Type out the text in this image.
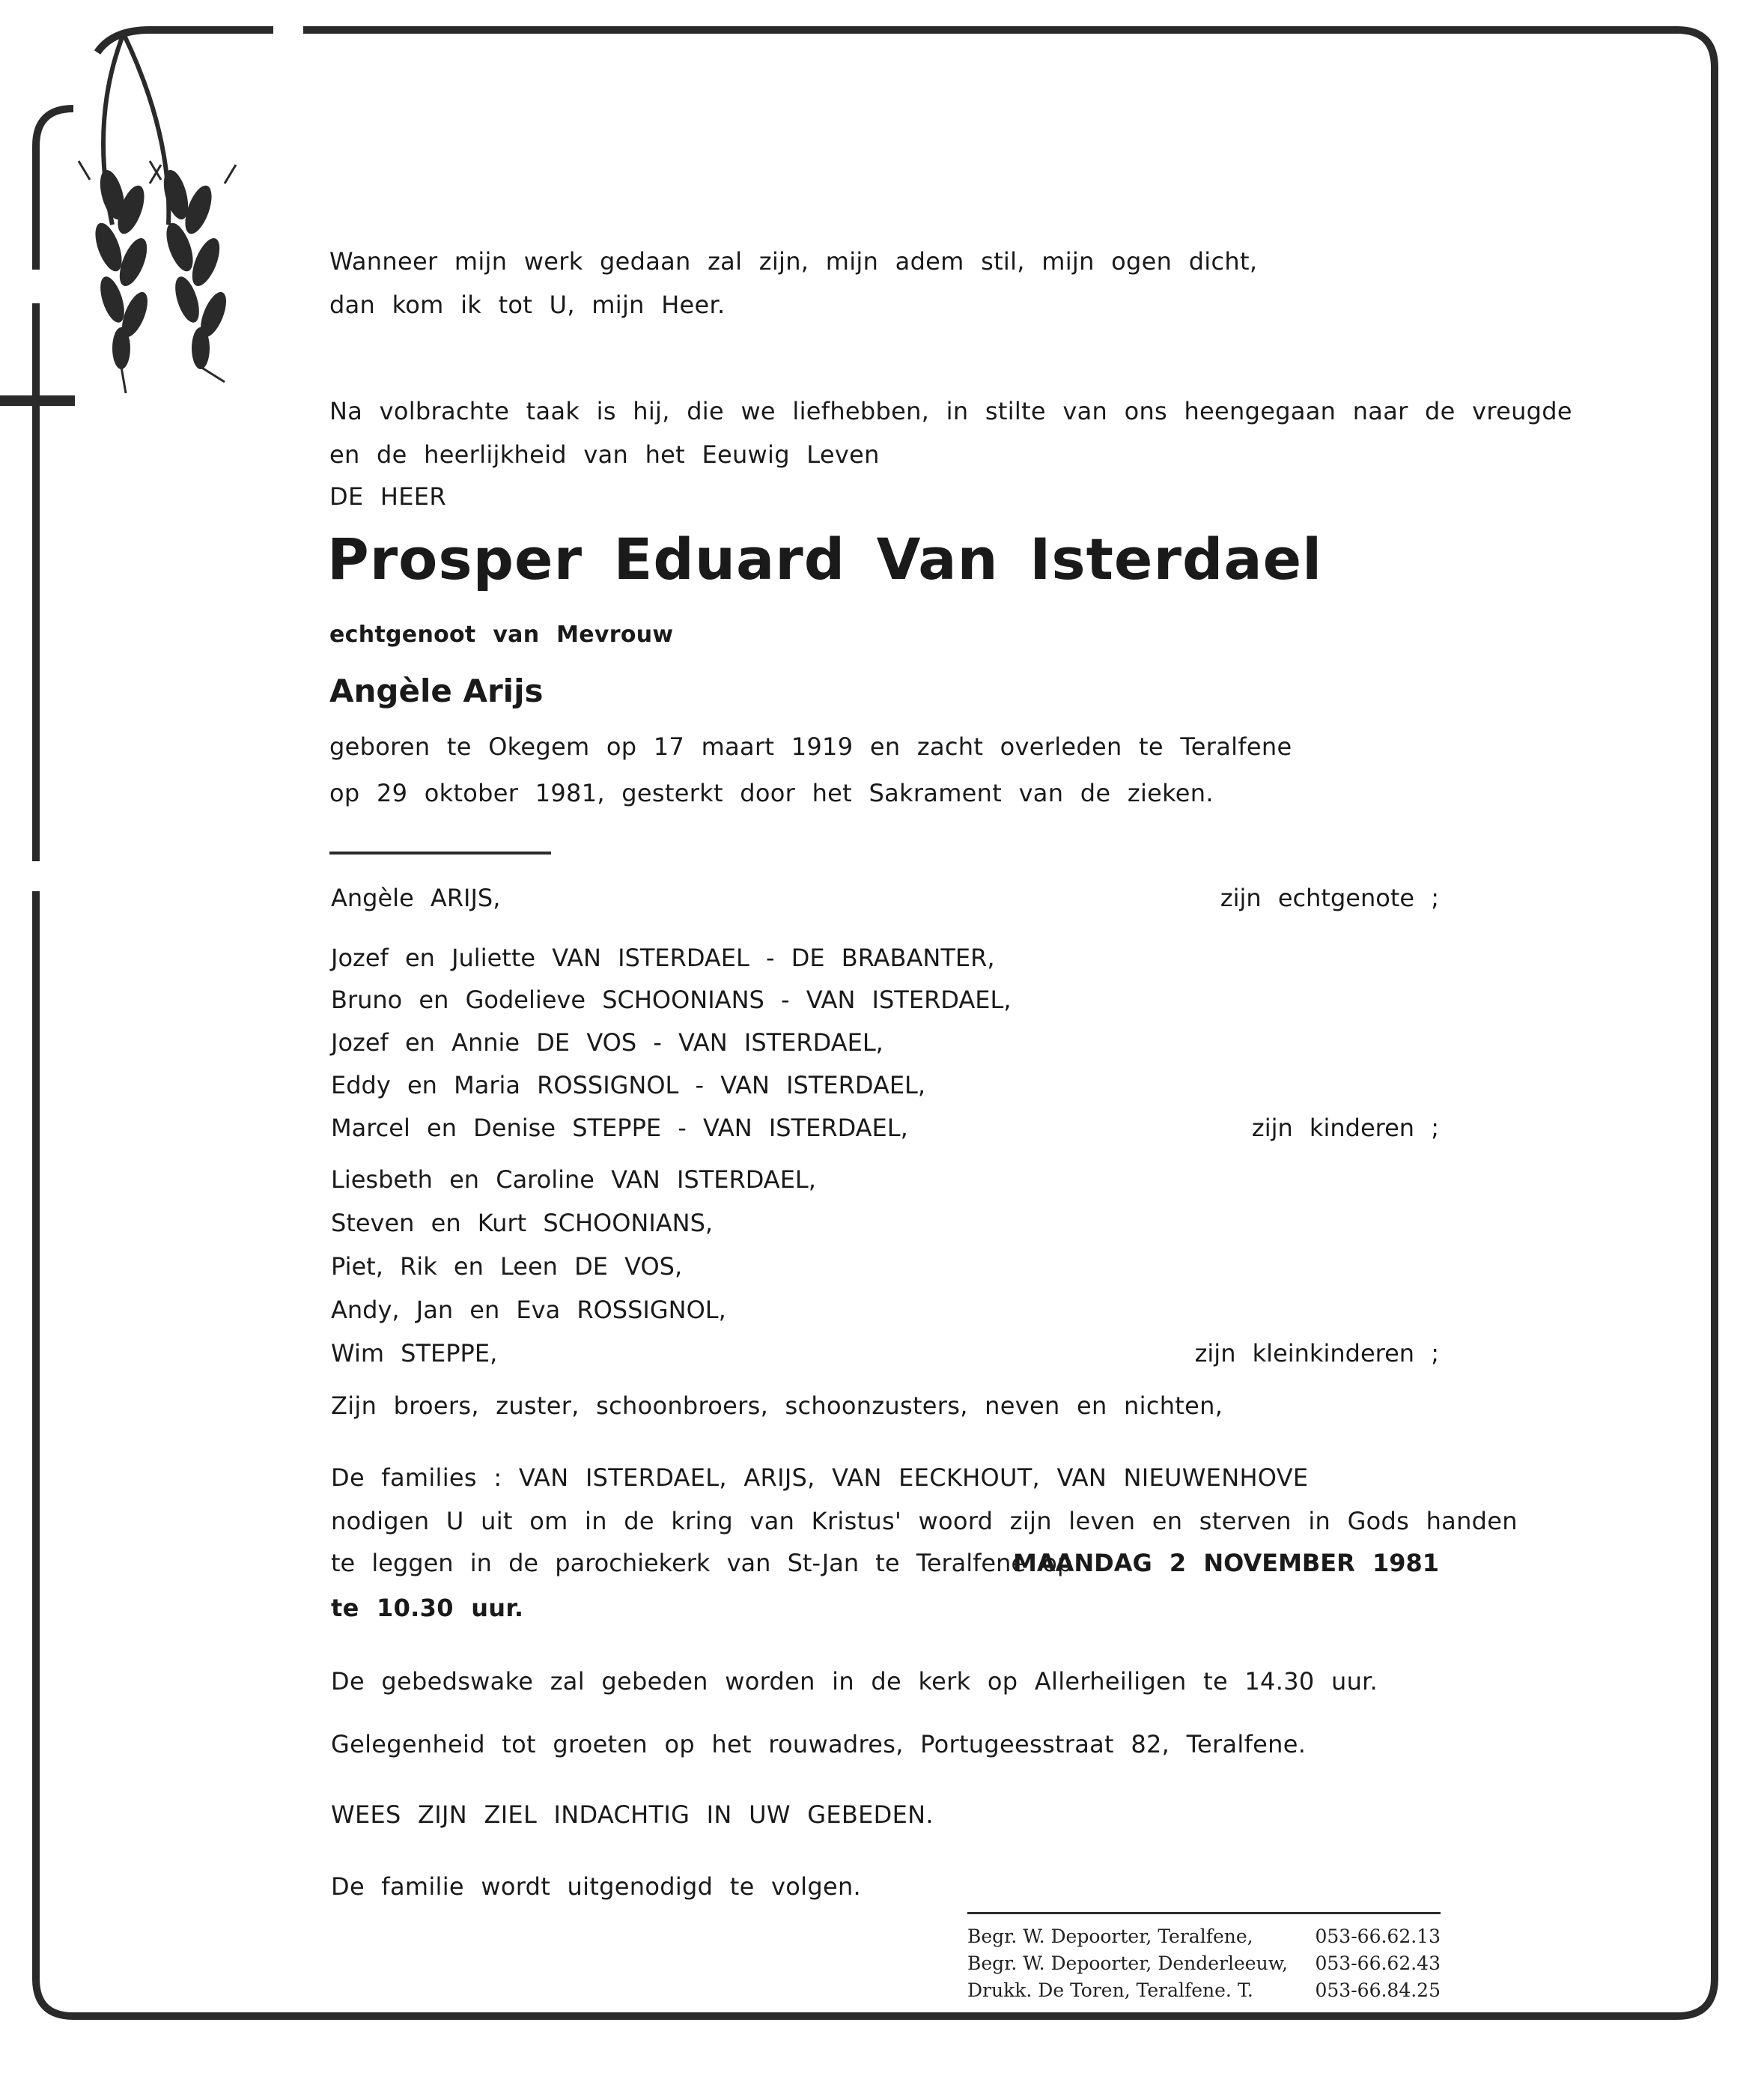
Wanneer mijn werk gedaan zal zijn, mijn adem stil, mijn ogen dicht,
dan kom ik tot U, mijn Heer.
Na volbrachte taak is hij, die we liefhebben, in stilte van ons heengegaan naar de vreugde
en de heerlijkheid van het Eeuwig Leven
DE HEER
Prosper Eduard Van Isterdael
echtgenoot van Mevrouw
Angèle Arijs
geboren te Okegem op 17 maart 1919 en zacht overleden te Teralfene
op 29 oktober 1981, gesterkt door het Sakrament van de zieken.
Angèle ARIJS,	zijn echtgenote ;
Jozef en Juliette VAN ISTERDAEL - DE BRABANTER,
Bruno en Godelieve SCHOONIANS - VAN ISTERDAEL,
Jozef en Annie DE VOS - VAN ISTERDAEL,
Eddy en Maria ROSSIGNOL - VAN ISTERDAEL,
Marcel en Denise STEPPE - VAN ISTERDAEL,	zijn kinderen ;
Liesbeth en Caroline VAN ISTERDAEL,
Steven en Kurt SCHOONIANS,
Piet, Rik en Leen DE VOS,
Andy, Jan en Eva ROSSIGNOL,
Wim STEPPE,	zijn kleinkinderen ;
Zijn broers, zuster, schoonbroers, schoonzusters, neven en nichten,
De families : VAN ISTERDAEL, ARIJS, VAN EECKHOUT, VAN NIEUWENHOVE
nodigen U uit om in de kring van Kristus' woord zijn leven en sterven in Gods handen
te leggen in de parochiekerk van St-Jan te Teralfene op
MAANDAG 2 NOVEMBER 1981
te 10.30 uur.
De gebedswake zal gebeden worden in de kerk op Allerheiligen te 14.30 uur.
Gelegenheid tot groeten op het rouwadres, Portugeesstraat 82, Teralfene.
WEES ZIJN ZIEL INDACHTIG IN UW GEBEDEN.
De familie wordt uitgenodigd te volgen.
Begr. W. Depoorter, Teralfene,	053-66.62.13
Begr. W. Depoorter, Denderleeuw, 053-66.62.43
Drukk. De Toren, Teralfene. T.	053-66.84.25
